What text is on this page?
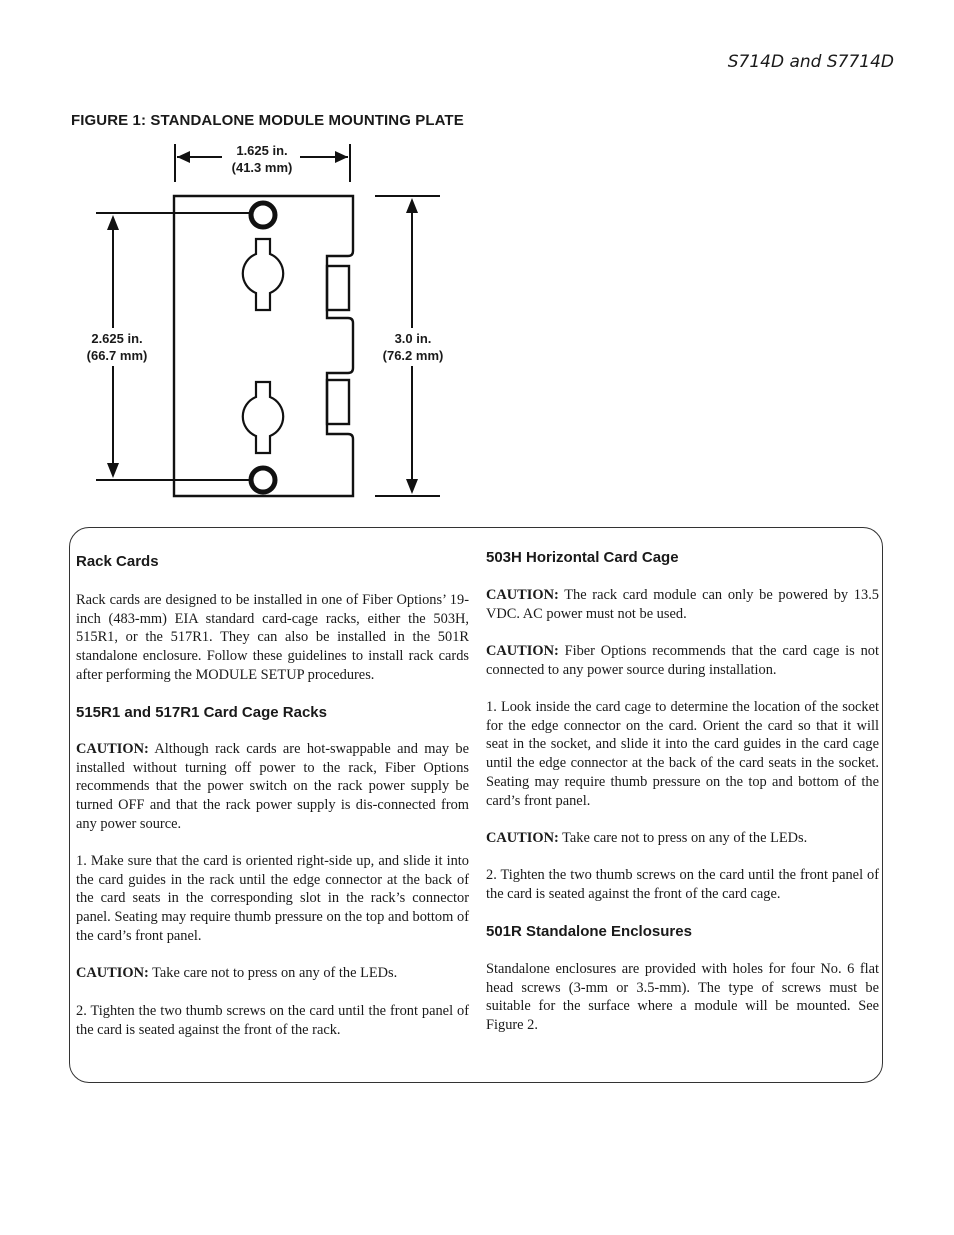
S714D and S7714D
FIGURE 1: STANDALONE MODULE MOUNTING PLATE
1.625 in.
(41.3 mm)
2.625 in.
(66.7 mm)
3.0 in.
(76.2 mm)
Rack Cards

Rack cards are designed to be installed in one of Fiber Options’ 19-inch (483-mm) EIA standard card-cage racks, either the 503H, 515R1, or the 517R1. They can also be installed in the 501R standalone enclosure. Follow these guidelines to install rack cards after performing the MODULE SETUP procedures.

515R1 and 517R1 Card Cage Racks

CAUTION: Although rack cards are hot-swappable and may be installed without turning off power to the rack, Fiber Options recommends that the power switch on the rack power supply be turned OFF and that the rack power supply is dis-connected from any power source.

1. Make sure that the card is oriented right-side up, and slide it into the card guides in the rack until the edge connector at the back of the card seats in the corresponding slot in the rack’s connector panel. Seating may require thumb pressure on the top and bottom of the card’s front panel.

CAUTION: Take care not to press on any of the LEDs.

2. Tighten the two thumb screws on the card until the front panel of the card is seated against the front of the rack.

503H Horizontal Card Cage

CAUTION: The rack card module can only be powered by 13.5 VDC. AC power must not be used.

CAUTION: Fiber Options recommends that the card cage is not connected to any power source during installation.

1. Look inside the card cage to determine the location of the socket for the edge connector on the card. Orient the card so that it will seat in the socket, and slide it into the card guides in the card cage until the edge connector at the back of the card seats in the socket. Seating may require thumb pressure on the top and bottom of the card’s front panel.

CAUTION: Take care not to press on any of the LEDs.

2. Tighten the two thumb screws on the card until the front panel of the card is seated against the front of the card cage.

501R Standalone Enclosures

Standalone enclosures are provided with holes for four No. 6 flat head screws (3-mm or 3.5-mm). The type of screws must be suitable for the surface where a module will be mounted. See Figure 2.
